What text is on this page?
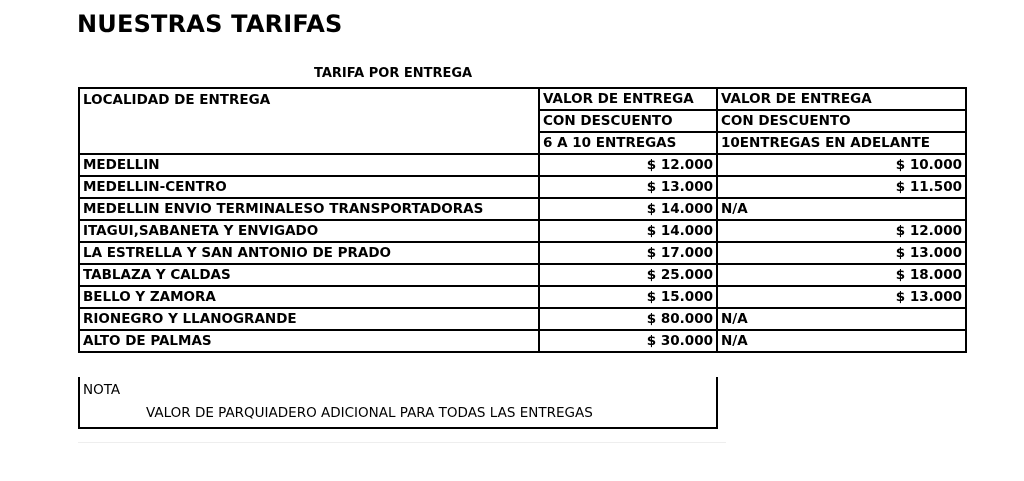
NUESTRAS TARIFAS
TARIFA POR ENTREGA
LOCALIDAD DE ENTREGA	VALOR DE ENTREGA	VALOR DE ENTREGA
	CON DESCUENTO	CON DESCUENTO
	6 A 10 ENTREGAS	10ENTREGAS EN ADELANTE
MEDELLIN	$ 12.000	$ 10.000
MEDELLIN-CENTRO	$ 13.000	$ 11.500
MEDELLIN ENVIO TERMINALESO TRANSPORTADORAS	$ 14.000	N/A
ITAGUI,SABANETA Y ENVIGADO	$ 14.000	$ 12.000
LA ESTRELLA Y SAN ANTONIO DE PRADO	$ 17.000	$ 13.000
TABLAZA Y CALDAS	$ 25.000	$ 18.000
BELLO Y ZAMORA	$ 15.000	$ 13.000
RIONEGRO Y LLANOGRANDE	$ 80.000	N/A
ALTO DE PALMAS	$ 30.000	N/A
NOTA
VALOR DE PARQUIADERO ADICIONAL PARA TODAS LAS ENTREGAS
